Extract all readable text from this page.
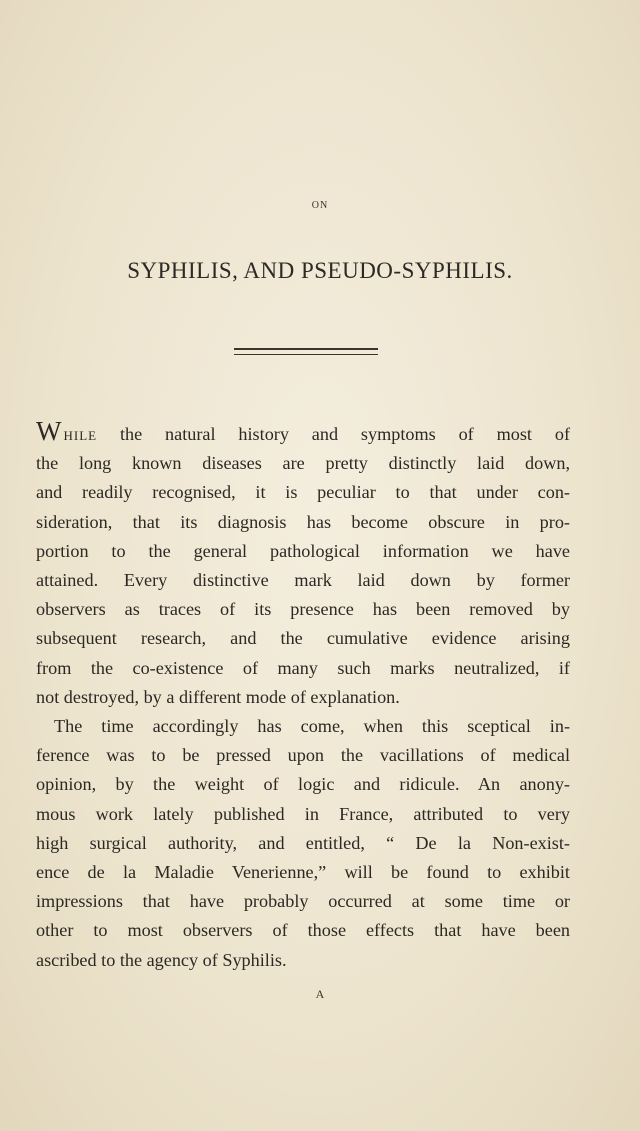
ON
SYPHILIS, AND PSEUDO-SYPHILIS.
W hile the natural history and symptoms of most of
the long known diseases are pretty distinctly laid down,
and readily recognised, it is peculiar to that under con-
sideration, that its diagnosis has become obscure in pro-
portion to the general pathological information we have
attained. Every distinctive mark laid down by former
observers as traces of its presence has been removed by
subsequent research, and the cumulative evidence arising
from the co-existence of many such marks neutralized, if
not destroyed, by a different mode of explanation.
The time accordingly has come, when this sceptical in-
ference was to be pressed upon the vacillations of medical
opinion, by the weight of logic and ridicule. An anony-
mous work lately published in France, attributed to very
high surgical authority, and entitled, “ De la Non-exist-
ence de la Maladie Venerienne,” will be found to exhibit
impressions that have probably occurred at some time or
other to most observers of those effects that have been
ascribed to the agency of Syphilis.
A
